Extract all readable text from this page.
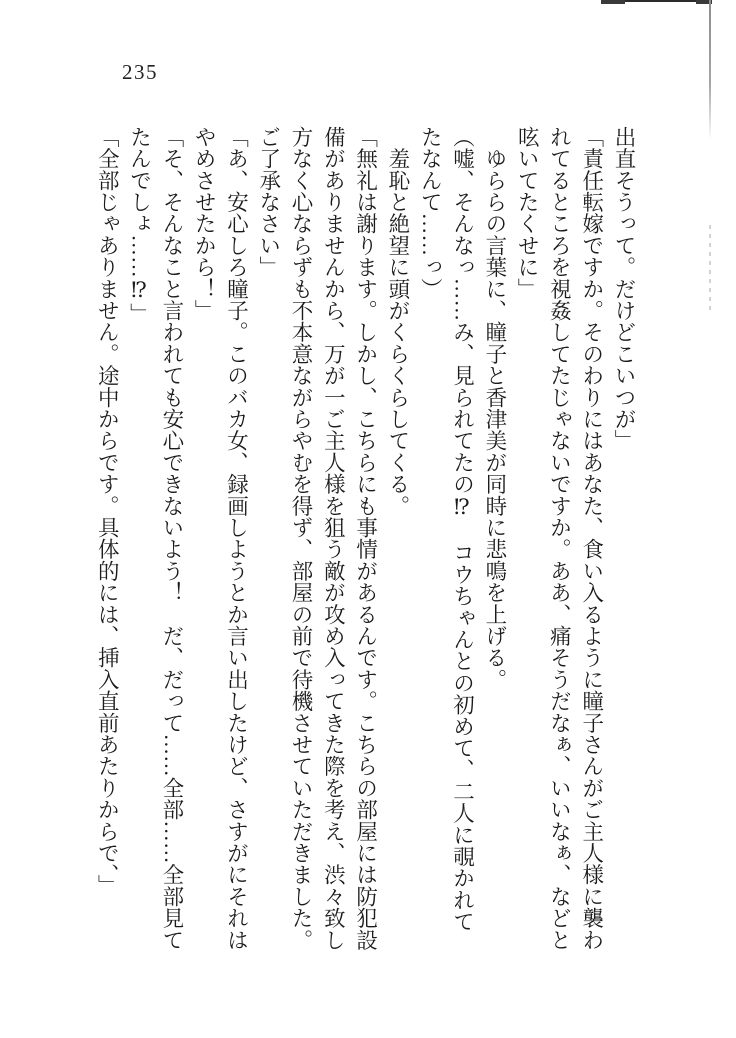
235

出直そうって。だけどこいつが」

「責任転嫁ですか。そのわりにはあなた、食い入るように瞳子さんがご主人様に襲われてるところを視姦してたじゃないですか。ああ、痛そうだなぁ、いいなぁ、などと呟いてたくせに」

　ゆららの言葉に、瞳子と香津美が同時に悲鳴を上げる。

（嘘、そんなっ……み、見られてたの⁉　コウちゃんとの初めて、二人に覗かれてたなんて……っ）

　羞恥と絶望に頭がくらくらしてくる。

「無礼は謝ります。しかし、こちらにも事情があるんです。こちらの部屋には防犯設備がありませんから、万が一ご主人様を狙う敵が攻め入ってきた際を考え、渋々致し方なく心ならずも不本意ながらやむを得ず、部屋の前で待機させていただきました。ご了承なさい」

「あ、安心しろ瞳子。このバカ女、録画しようとか言い出したけど、さすがにそれはやめさせたから！」

「そ、そんなこと言われても安心できないよう！　だ、だって……全部……全部見てたんでしょ……⁉」

「全部じゃありません。途中からです。具体的には、挿入直前あたりからで、」
